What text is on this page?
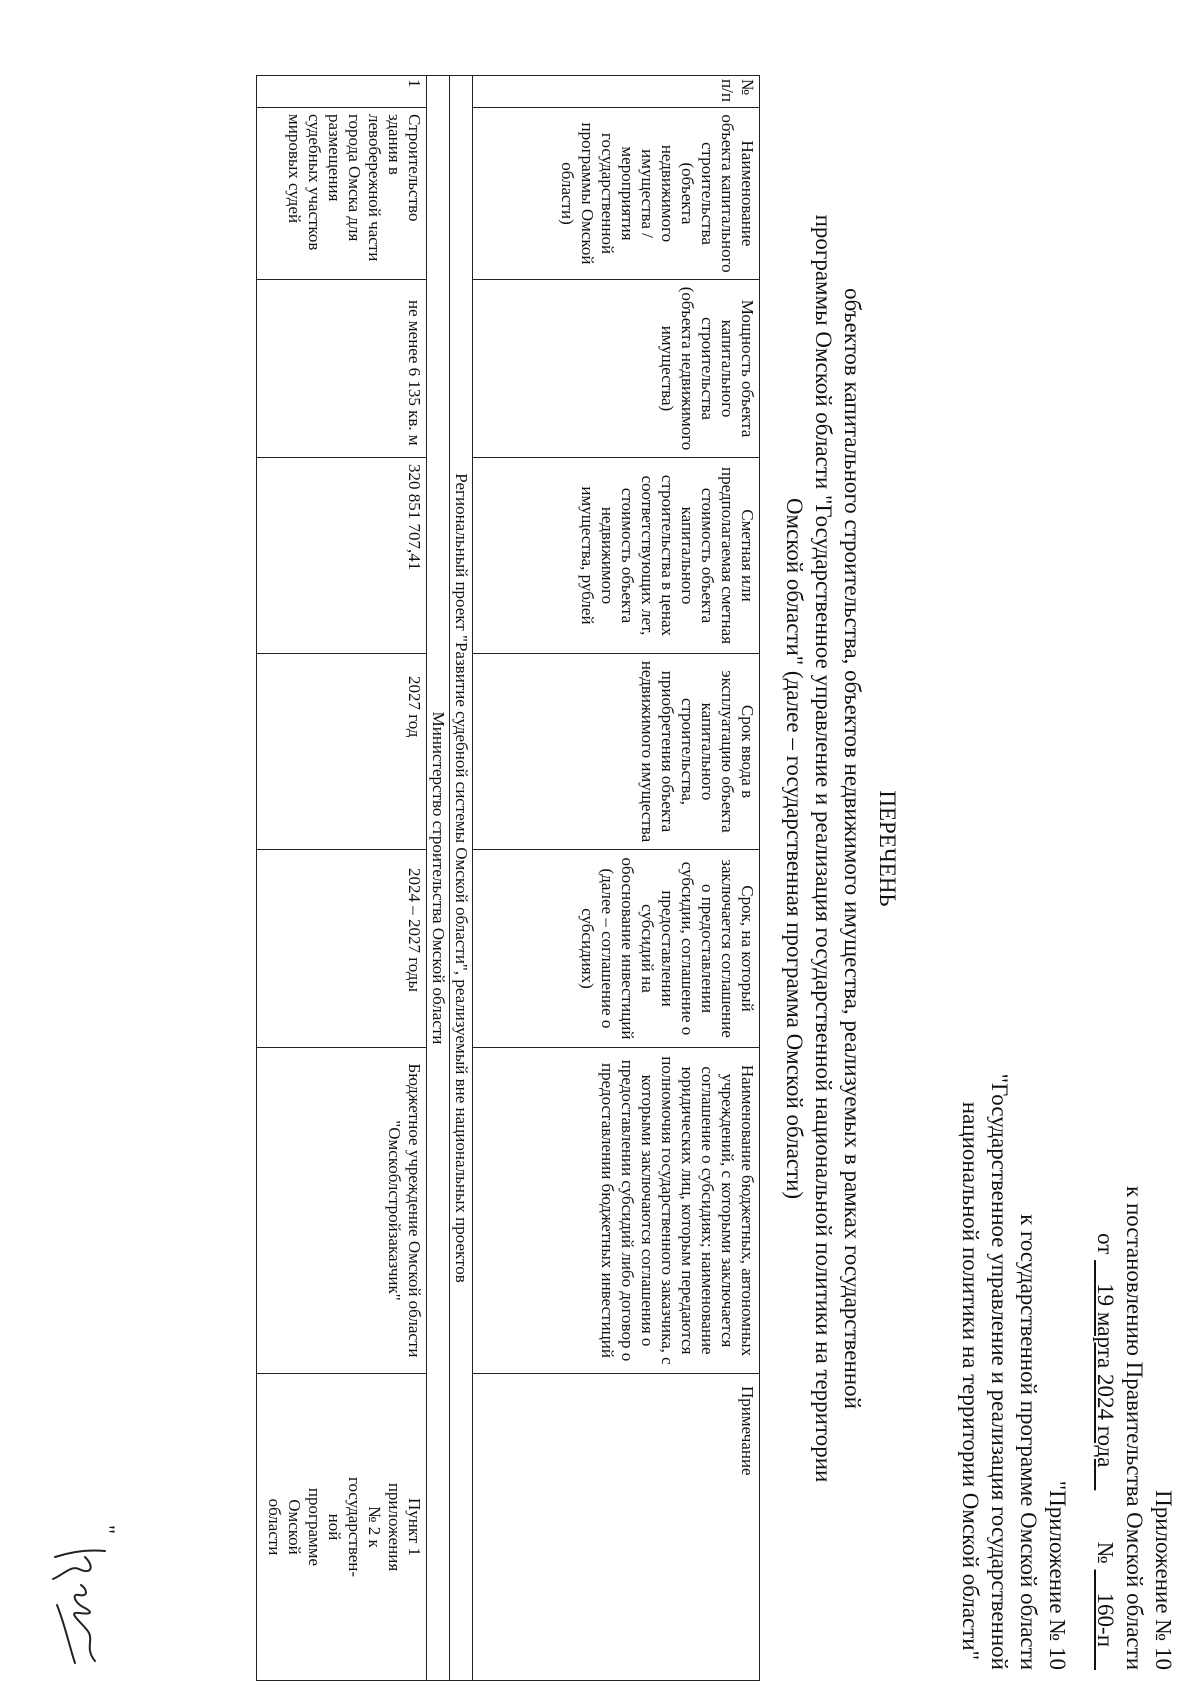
Приложение № 10
к постановлению Правительства Омской области
от     19 марта 2024 года      №     160-п
"Приложение № 10
к государственной программе Омской области
"Государственное управление и реализация государственной
национальной политики на территории Омской области"
ПЕРЕЧЕНЬ
объектов капитального строительства, объектов недвижимого имущества, реализуемых в рамках государственной
программы Омской области "Государственное управление и реализация государственной национальной политики на территории
Омской области" (далее – государственная программа Омской области)
№ п/п	Наименование объекта капитального строительства (объекта недвижимого имущества / мероприятия государственной программы Омской области)	Мощность объекта капитального строительства (объекта недвижимого имущества)	Сметная или предполагаемая сметная стоимость объекта капитального строительства в ценах соответствующих лет, стоимость объекта недвижимого имущества, рублей	Срок ввода в эксплуатацию объекта капитального строительства, приобретения объекта недвижимого имущества	Срок, на который заключается соглашение о предоставлении субсидии, соглашение о предоставлении субсидий на обоснование инвестиций (далее – соглашение о субсидиях)	Наименование бюджетных, автономных учреждений, с которыми заключается соглашение о субсидиях; наименование юридических лиц, которым передаются полномочия государственного заказчика, с которыми заключаются соглашения о предоставлении субсидий либо договор о предоставлении бюджетных инвестиций	Примечание
Региональный проект "Развитие судебной системы Омской области", реализуемый вне национальных проектов							
Министерство строительства Омской области							
1	Строительство здания в левобережной части города Омска для размещения судебных участков мировых судей	не менее 6 135 кв. м	320 851 707,41	2027 год	2024 – 2027 годы	Бюджетное учреждение Омской области "Омскоблстройзаказчик"	Пункт 1 приложения № 2 к государствен-ной программе Омской области
"
